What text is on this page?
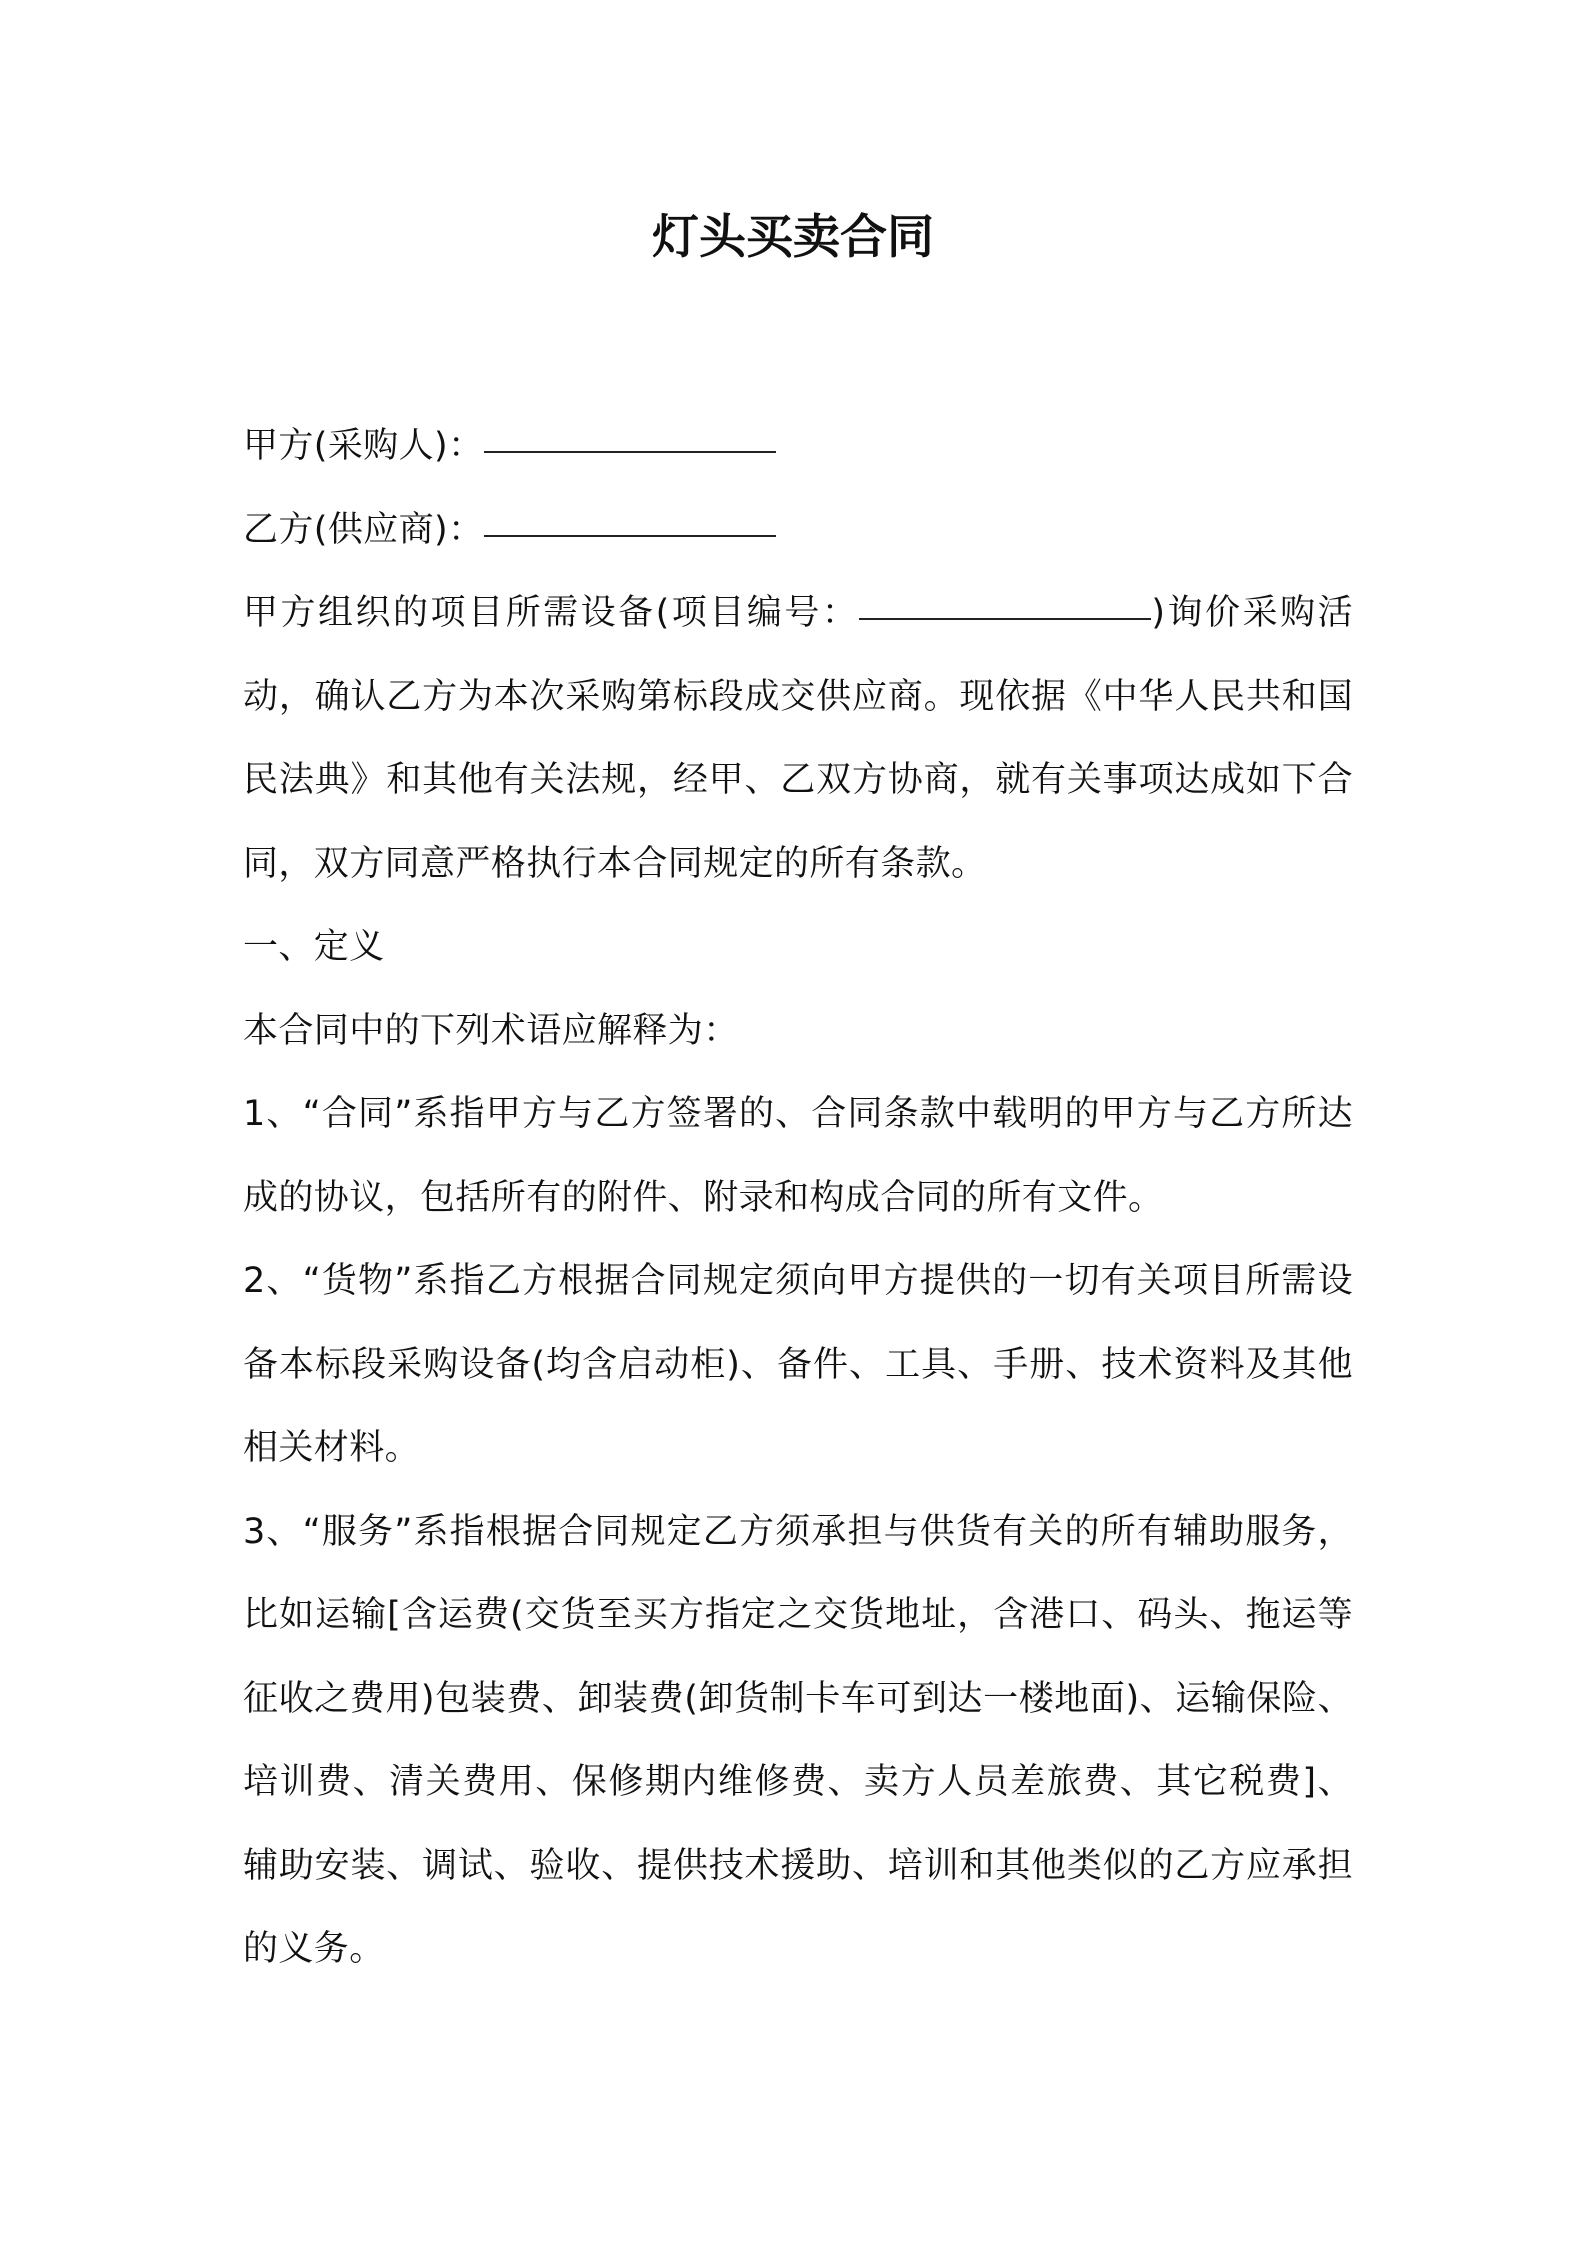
灯头买卖合同

甲方(采购人)：

乙方(供应商)：

甲方组织的项目所需设备(项目编号：	)询价采购活动，确认乙方为本次采购第标段成交供应商。现依据《中华人民共和国民法典》和其他有关法规，经甲、乙双方协商，就有关事项达成如下合同，双方同意严格执行本合同规定的所有条款。

一、定义

本合同中的下列术语应解释为：

1、“合同”系指甲方与乙方签署的、合同条款中载明的甲方与乙方所达成的协议，包括所有的附件、附录和构成合同的所有文件。

2、“货物”系指乙方根据合同规定须向甲方提供的一切有关项目所需设备本标段采购设备(均含启动柜)、备件、工具、手册、技术资料及其他相关材料。

3、“服务”系指根据合同规定乙方须承担与供货有关的所有辅助服务，比如运输[含运费(交货至买方指定之交货地址，含港口、码头、拖运等征收之费用)包装费、卸装费(卸货制卡车可到达一楼地面)、运输保险、培训费、清关费用、保修期内维修费、卖方人员差旅费、其它税费]、辅助安装、调试、验收、提供技术援助、培训和其他类似的乙方应承担的义务。
